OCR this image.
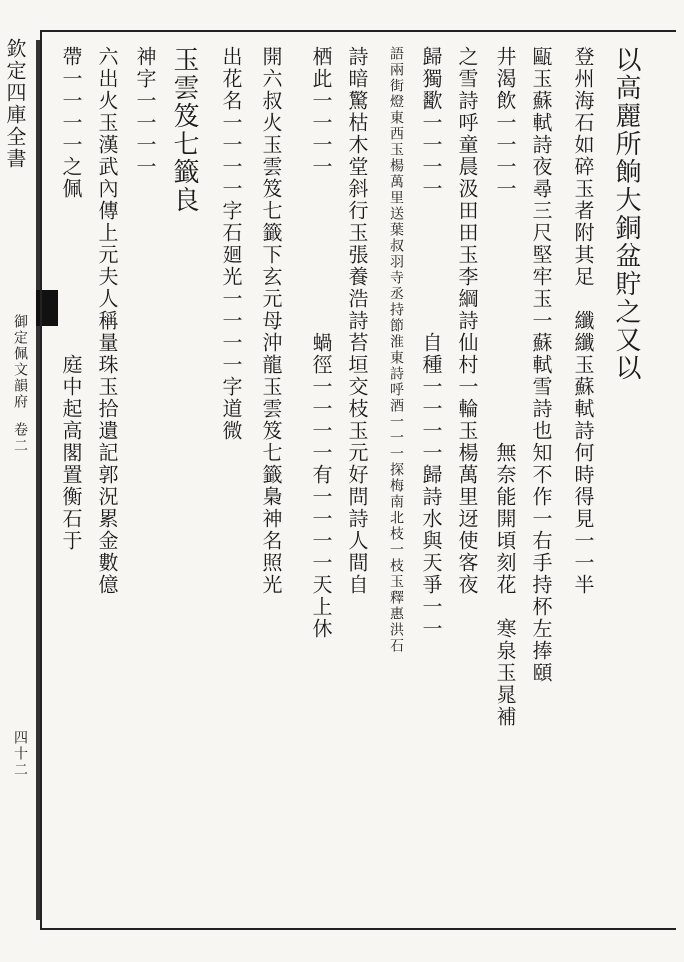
欽定四庫全書
御定佩文韻府
卷二
四十二
以高麗所餉大銅盆貯之又以
登州海石如碎玉者附其足　纖纖玉蘇軾詩何時得見一一半
甌玉蘇軾詩夜尋三尺堅牢玉一蘇軾雪詩也知不作一右手持杯左捧頤
井渴飲一一一一　　　　　　　　　　　無奈能開頃刻花　寒泉玉晁補
之雪詩呼童晨汲田田玉李綱詩仙村一輪玉楊萬里迓使客夜
歸獨歠一一一一　　　　　　自種一一一一歸詩水與天爭一一
語兩街燈東西玉楊萬里送葉叔羽寺丞持節淮東詩呼酒一一一探梅南北枝一枝玉釋惠洪石
詩暗驚枯木堂斜行玉張養浩詩苔垣交枝玉元好問詩人間自
栖此一一一一　　　　　　　蝸徑一一一一有一一一一天上休
開六叔火玉雲笈七籤下玄元母沖龍玉雲笈七籤梟神名照光
出花名一一一一字石廻光一一一一字道微
玉雲笈七籤良
神字一一一一
六出火玉漢武內傳上元夫人稱量珠玉拾遺記郭況累金數億
帶一一一一之佩　　　　　　　庭中起高閣置衡石于
